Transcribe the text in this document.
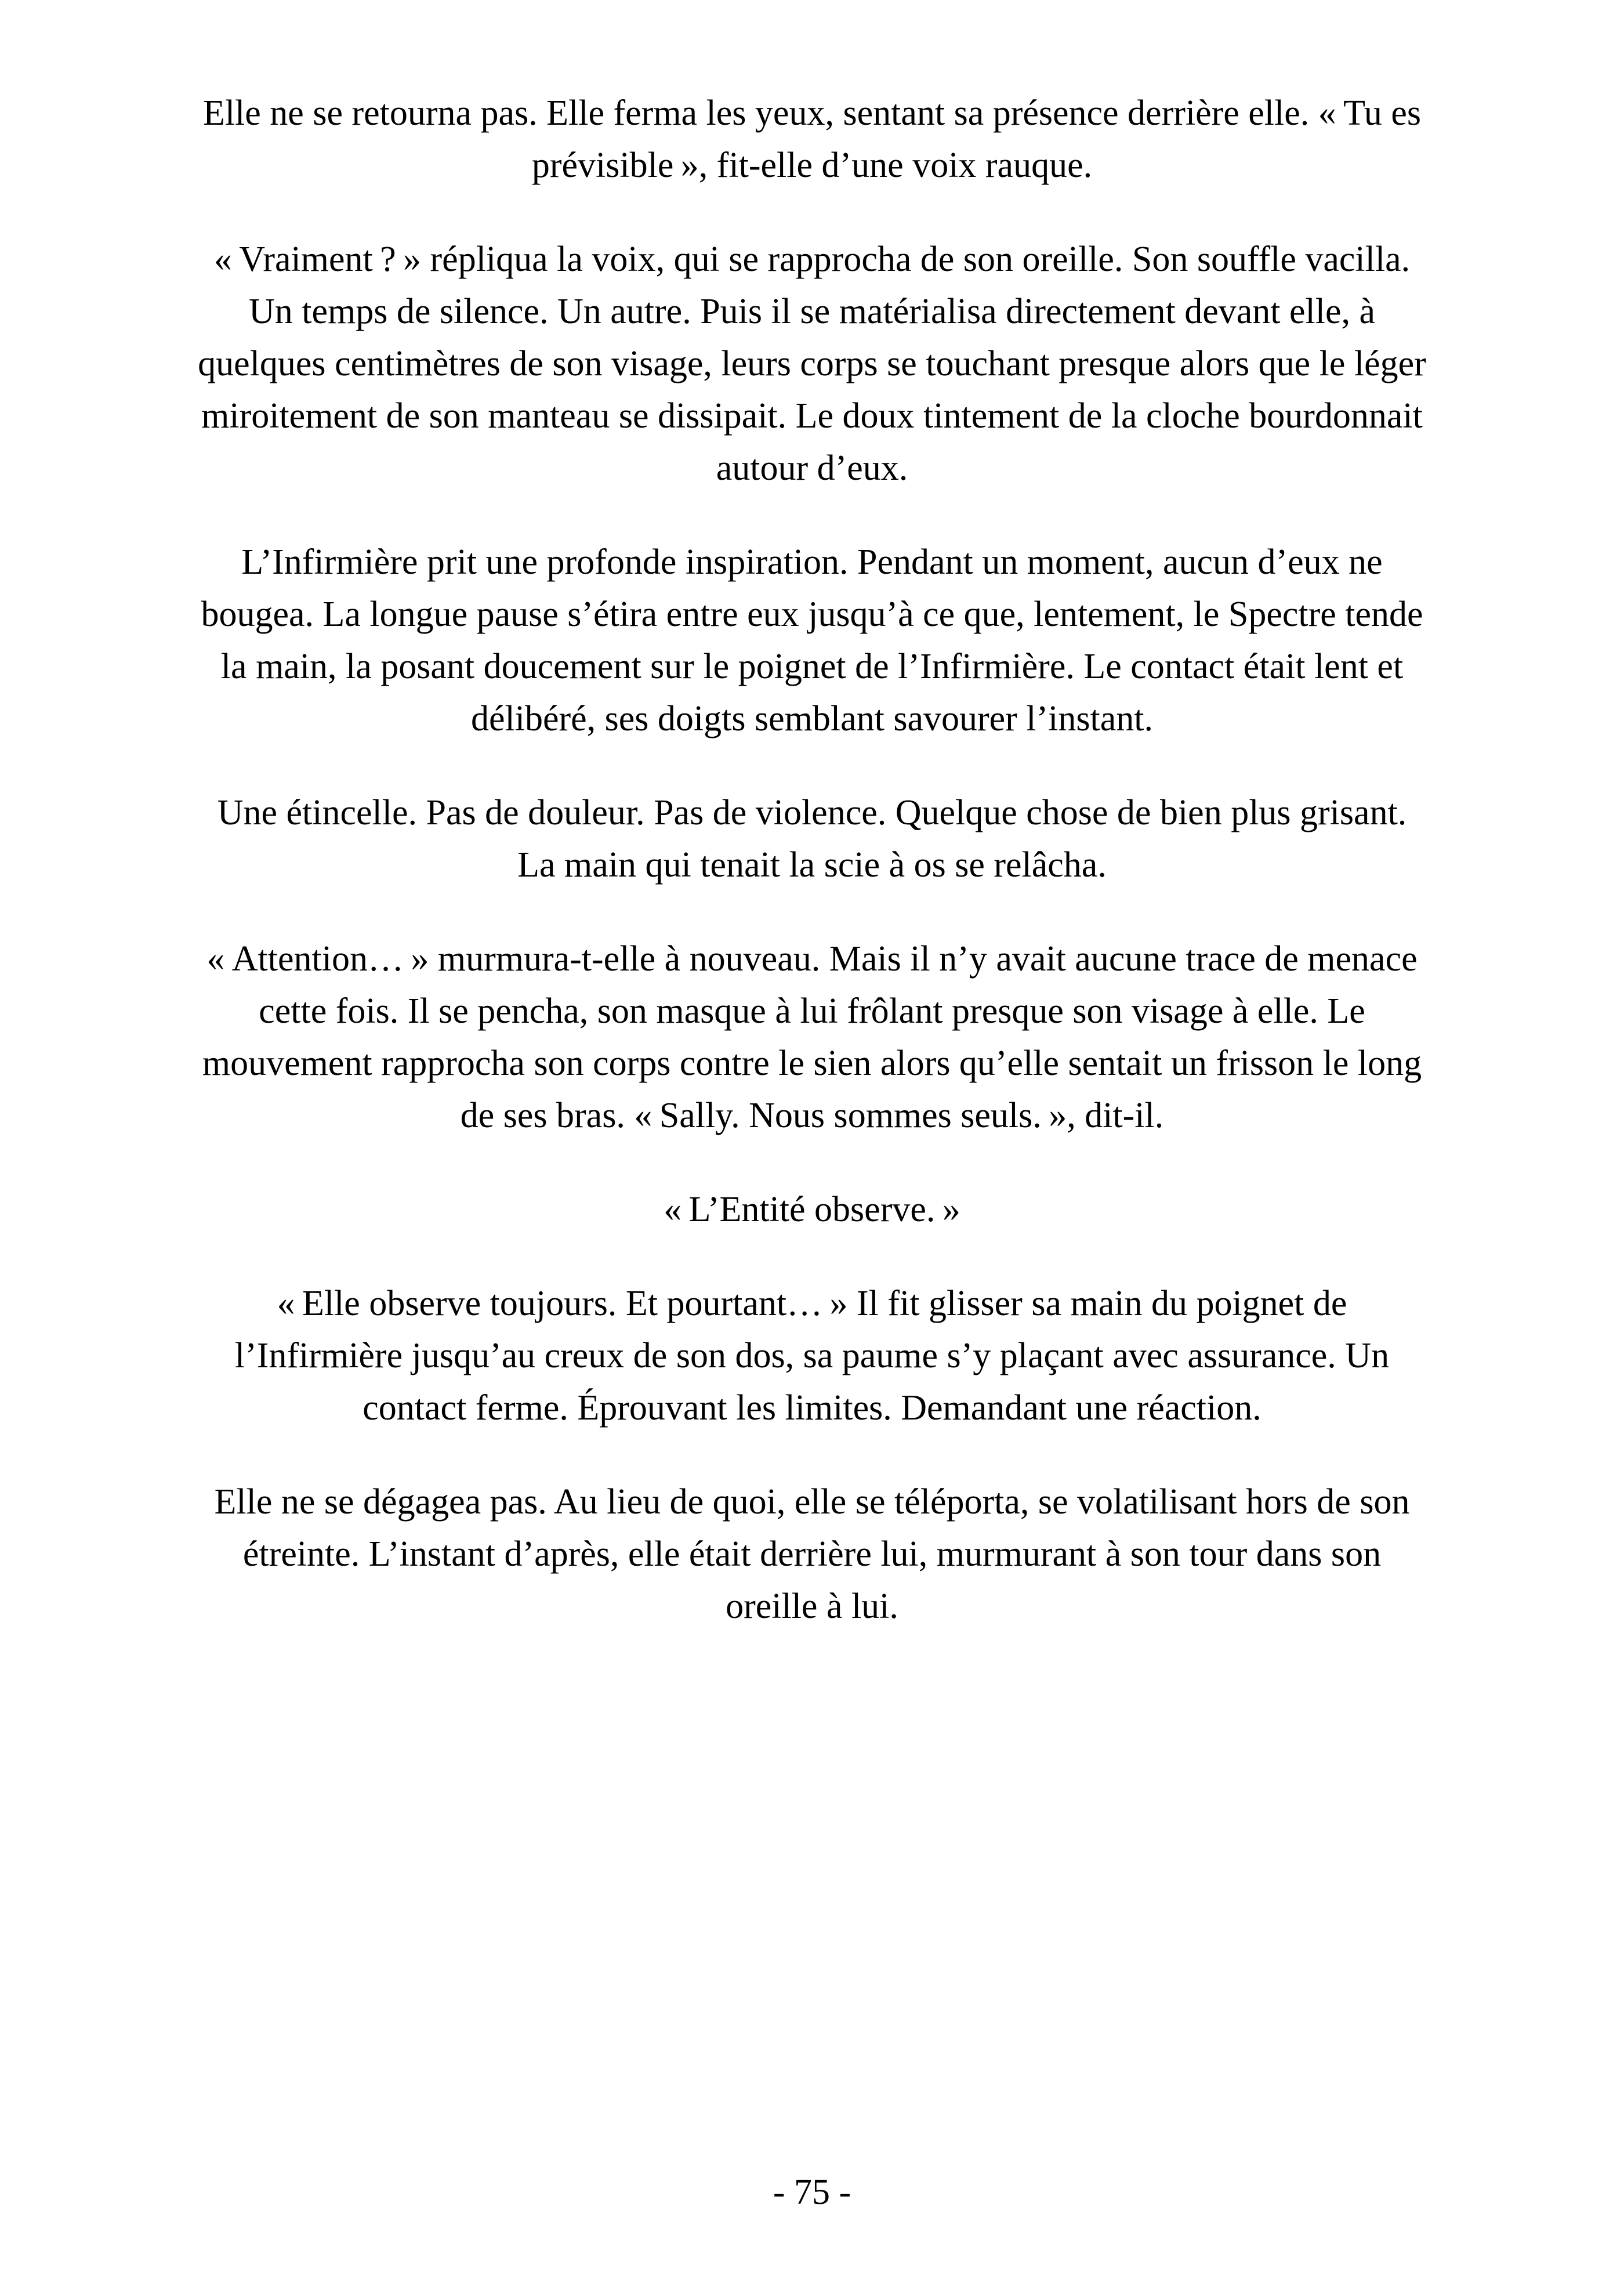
Elle ne se retourna pas. Elle ferma les yeux, sentant sa présence derrière elle. « Tu es prévisible », fit-elle d’une voix rauque.

« Vraiment ? » répliqua la voix, qui se rapprocha de son oreille. Son souffle vacilla. Un temps de silence. Un autre. Puis il se matérialisa directement devant elle, à quelques centimètres de son visage, leurs corps se touchant presque alors que le léger miroitement de son manteau se dissipait. Le doux tintement de la cloche bourdonnait autour d’eux.

L’Infirmière prit une profonde inspiration. Pendant un moment, aucun d’eux ne bougea. La longue pause s’étira entre eux jusqu’à ce que, lentement, le Spectre tende la main, la posant doucement sur le poignet de l’Infirmière. Le contact était lent et délibéré, ses doigts semblant savourer l’instant.

Une étincelle. Pas de douleur. Pas de violence. Quelque chose de bien plus grisant. La main qui tenait la scie à os se relâcha.

« Attention… » murmura-t-elle à nouveau. Mais il n’y avait aucune trace de menace cette fois. Il se pencha, son masque à lui frôlant presque son visage à elle. Le mouvement rapprocha son corps contre le sien alors qu’elle sentait un frisson le long de ses bras. « Sally. Nous sommes seuls. », dit-il.

« L’Entité observe. »

« Elle observe toujours. Et pourtant… » Il fit glisser sa main du poignet de l’Infirmière jusqu’au creux de son dos, sa paume s’y plaçant avec assurance. Un contact ferme. Éprouvant les limites. Demandant une réaction.

Elle ne se dégagea pas. Au lieu de quoi, elle se téléporta, se volatilisant hors de son étreinte. L’instant d’après, elle était derrière lui, murmurant à son tour dans son oreille à lui.

- 75 -
